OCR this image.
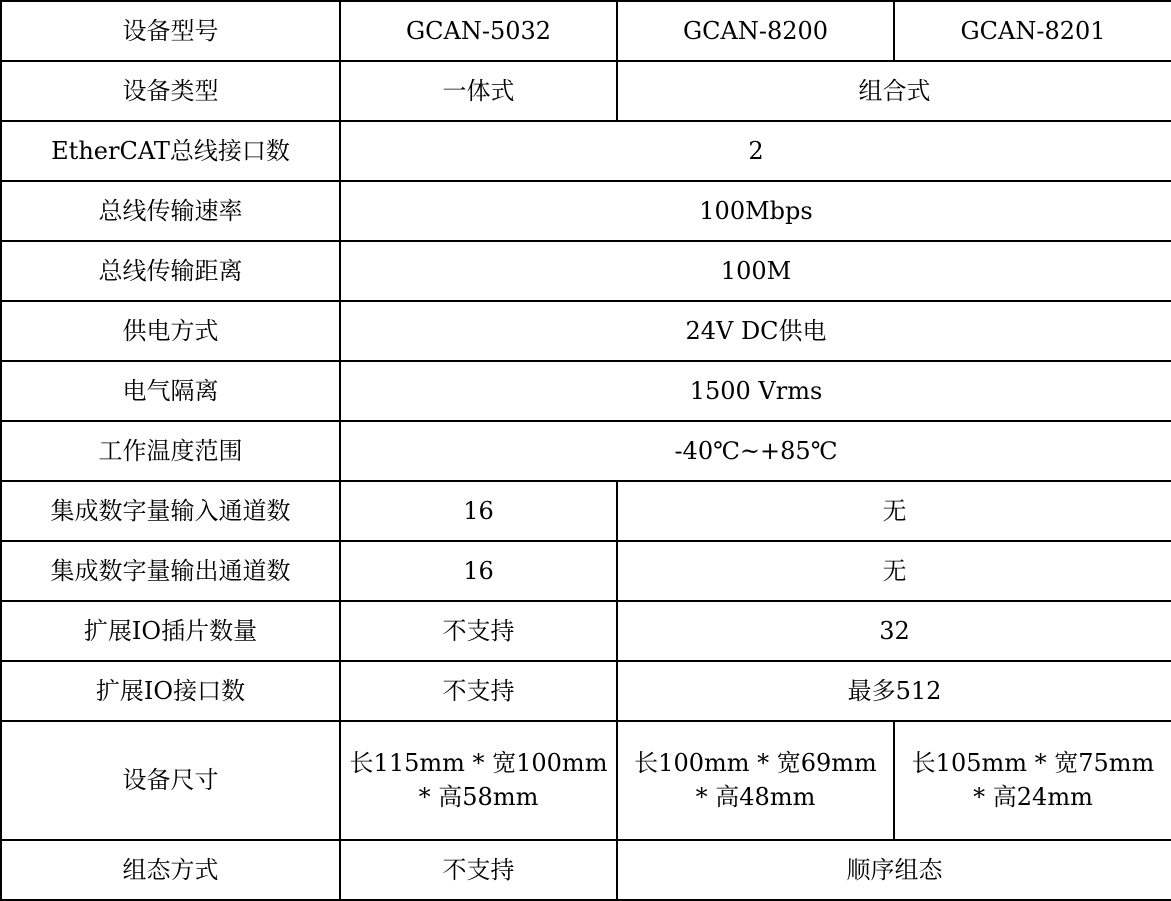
设备型号	GCAN-5032	GCAN-8200	GCAN-8201
设备类型	一体式	组合式	
EtherCAT总线接口数	2		
总线传输速率	100Mbps		
总线传输距离	100M		
供电方式	24V DC供电		
电气隔离	1500 Vrms		
工作温度范围	-40℃~+85℃		
集成数字量输入通道数	16	无	
集成数字量输出通道数	16	无	
扩展IO插片数量	不支持	32	
扩展IO接口数	不支持	最多512	
设备尺寸	长115mm * 宽100mm * 高58mm	长100mm * 宽69mm * 高48mm	长105mm * 宽75mm * 高24mm
组态方式	不支持	顺序组态	
